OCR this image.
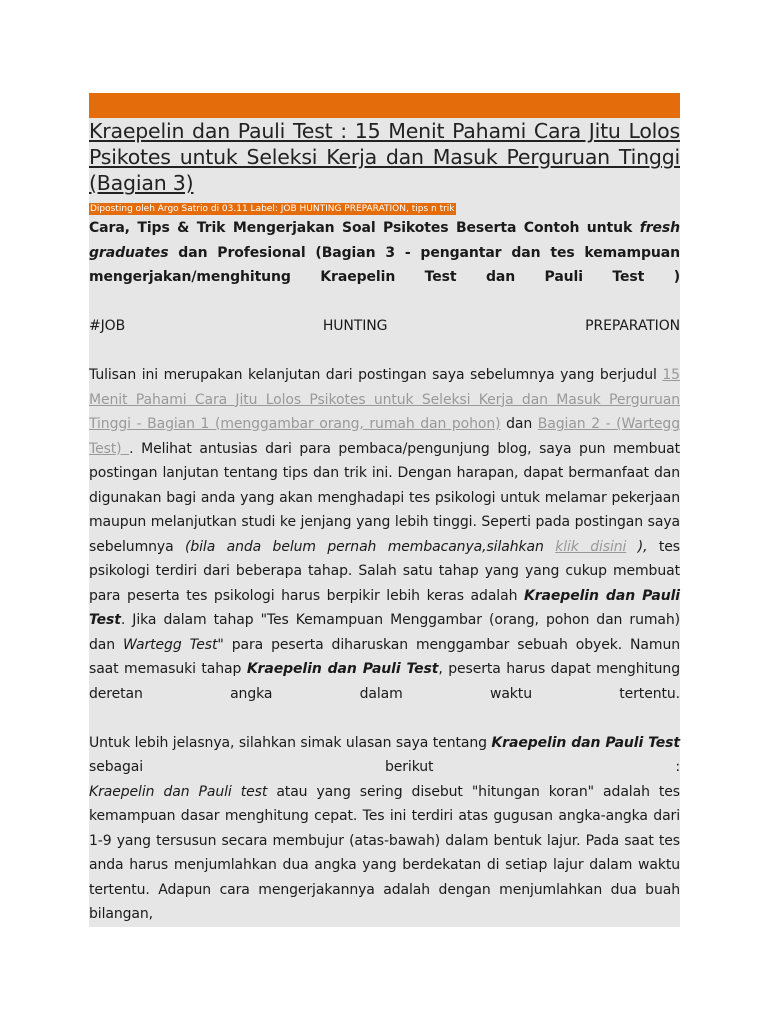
Kraepelin dan Pauli Test : 15 Menit Pahami Cara Jitu Lolos Psikotes untuk Seleksi Kerja dan Masuk Perguruan Tinggi (Bagian 3)
Diposting oleh Argo Satrio di 03.11 Label: JOB HUNTING PREPARATION, tips n trik

Cara, Tips & Trik Mengerjakan Soal Psikotes Beserta Contoh untuk fresh graduates dan Profesional (Bagian 3 - pengantar dan tes kemampuan mengerjakan/menghitung Kraepelin Test dan Pauli Test )

#JOB	HUNTING	PREPARATION

Tulisan ini merupakan kelanjutan dari postingan saya sebelumnya yang berjudul 15 Menit Pahami Cara Jitu Lolos Psikotes untuk Seleksi Kerja dan Masuk Perguruan Tinggi - Bagian 1 (menggambar orang, rumah dan pohon) dan Bagian 2 - (Wartegg Test) . Melihat antusias dari para pembaca/pengunjung blog, saya pun membuat postingan lanjutan tentang tips dan trik ini. Dengan harapan, dapat bermanfaat dan digunakan bagi anda yang akan menghadapi tes psikologi untuk melamar pekerjaan maupun melanjutkan studi ke jenjang yang lebih tinggi. Seperti pada postingan saya sebelumnya (bila anda belum pernah membacanya,silahkan klik disini ), tes psikologi terdiri dari beberapa tahap. Salah satu tahap yang yang cukup membuat para peserta tes psikologi harus berpikir lebih keras adalah Kraepelin dan Pauli Test. Jika dalam tahap "Tes Kemampuan Menggambar (orang, pohon dan rumah) dan Wartegg Test" para peserta diharuskan menggambar sebuah obyek. Namun saat memasuki tahap Kraepelin dan Pauli Test, peserta harus dapat menghitung deretan angka dalam waktu tertentu.

Untuk lebih jelasnya, silahkan simak ulasan saya tentang Kraepelin dan Pauli Test sebagai berikut :

Kraepelin dan Pauli test atau yang sering disebut "hitungan koran" adalah tes kemampuan dasar menghitung cepat. Tes ini terdiri atas gugusan angka-angka dari 1-9 yang tersusun secara membujur (atas-bawah) dalam bentuk lajur. Pada saat tes anda harus menjumlahkan dua angka yang berdekatan di setiap lajur dalam waktu tertentu. Adapun cara mengerjakannya adalah dengan menjumlahkan dua buah bilangan,
